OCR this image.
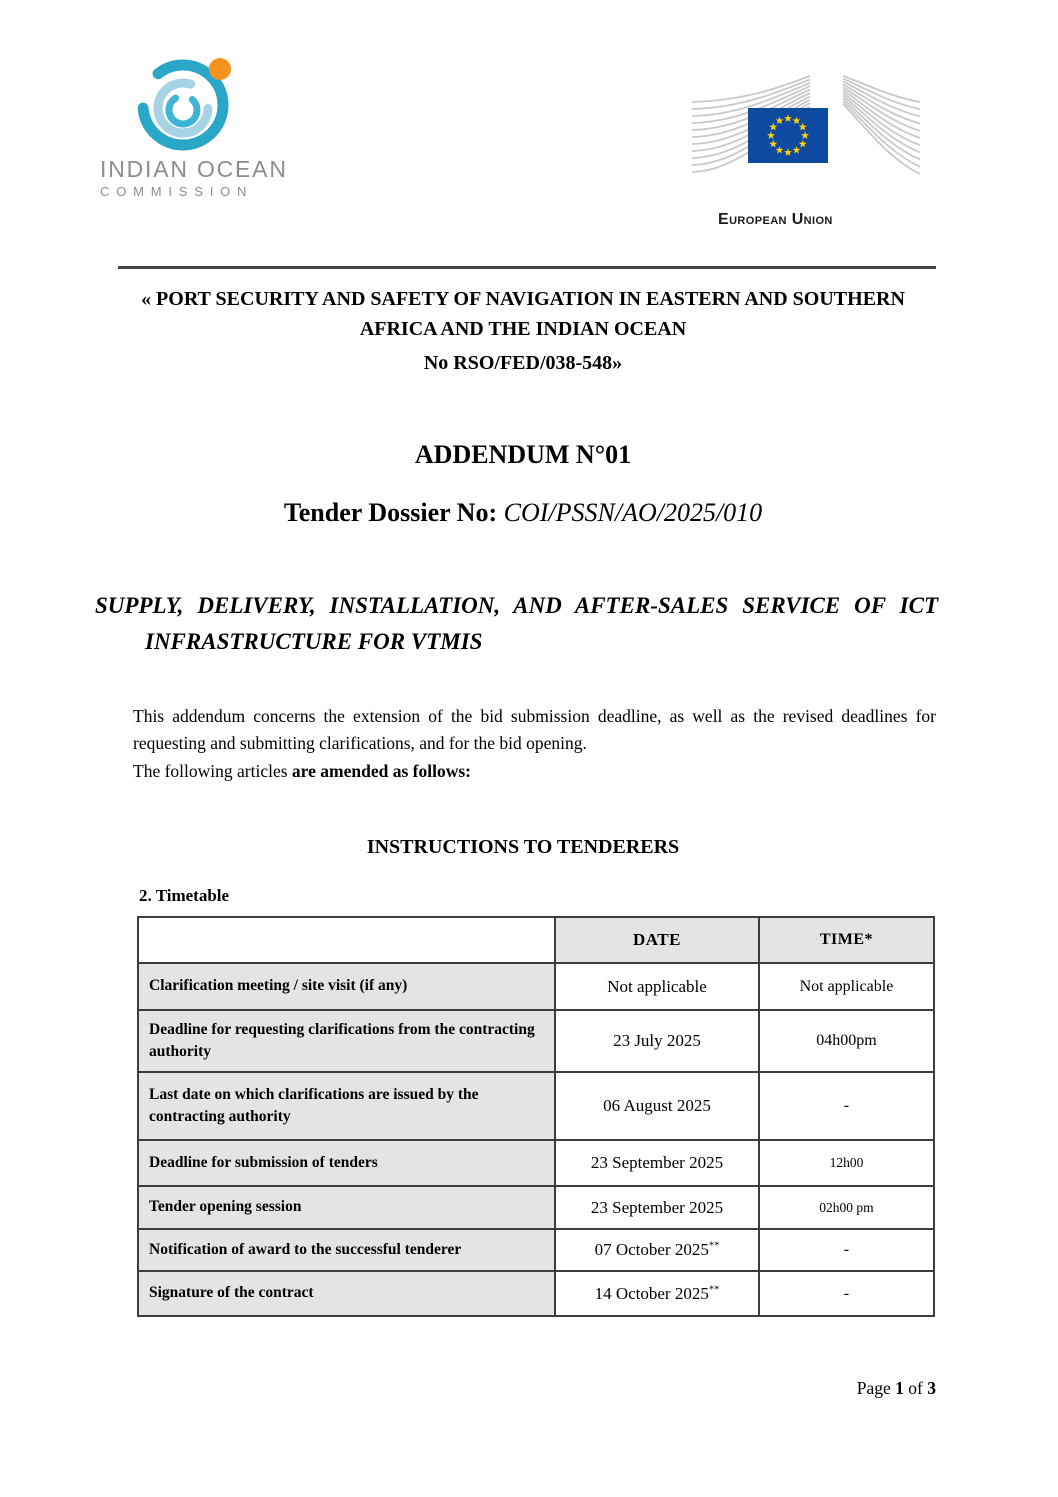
INDIAN OCEAN
COMMISSION
European Union
« PORT SECURITY AND SAFETY OF NAVIGATION IN EASTERN AND SOUTHERN AFRICA AND THE INDIAN OCEAN
No RSO/FED/038-548»
ADDENDUM N°01
Tender Dossier No: COI/PSSN/AO/2025/010
SUPPLY, DELIVERY, INSTALLATION, AND AFTER-SALES SERVICE OF ICT INFRASTRUCTURE FOR VTMIS

This addendum concerns the extension of the bid submission deadline, as well as the revised deadlines for requesting and submitting clarifications, and for the bid opening.

The following articles are amended as follows:

INSTRUCTIONS TO TENDERERS
2. Timetable
	DATE	TIME*
Clarification meeting / site visit (if any)	Not applicable	Not applicable
Deadline for requesting clarifications from the contracting authority	23 July 2025	04h00pm
Last date on which clarifications are issued by the contracting authority	06 August 2025	-
Deadline for submission of tenders	23 September 2025	12h00
Tender opening session	23 September 2025	02h00 pm
Notification of award to the successful tenderer	07 October 2025**	-
Signature of the contract	14 October 2025**	-
Page 1 of 3
